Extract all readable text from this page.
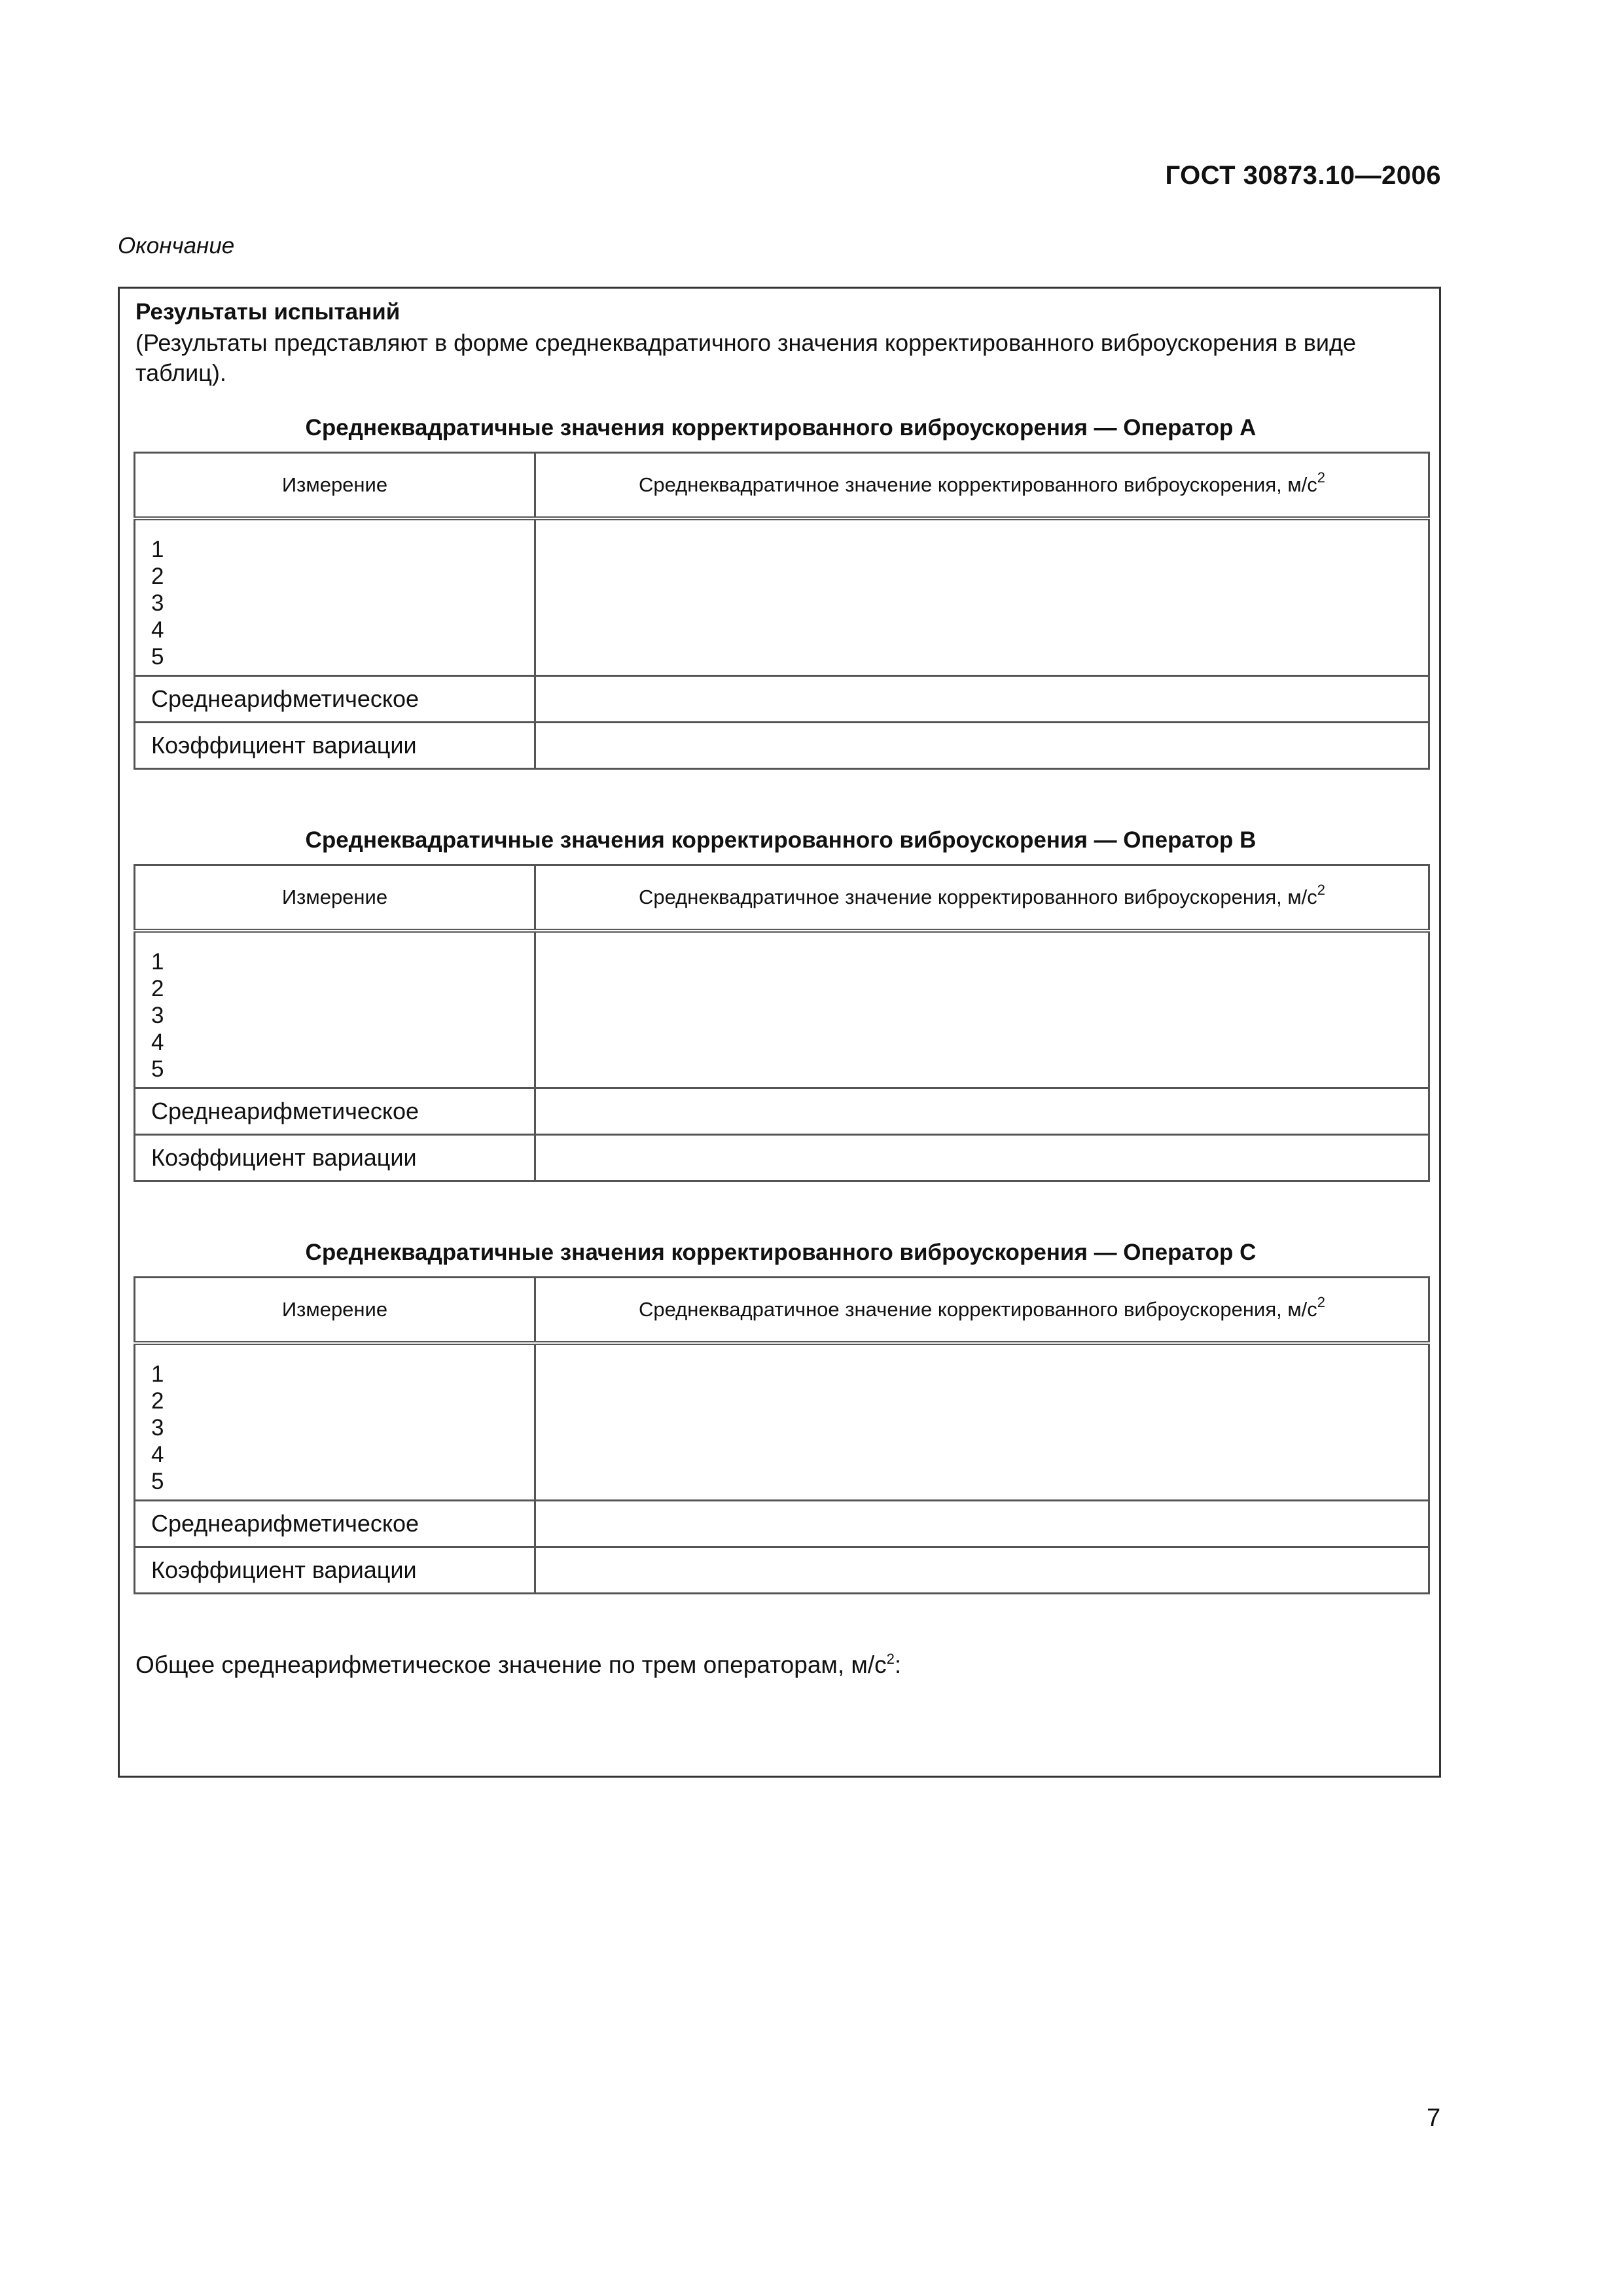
ГОСТ 30873.10—2006
Окончание
Результаты испытаний
(Результаты представляют в форме среднеквадратичного значения корректированного виброускорения в виде таблиц).
Среднеквадратичные значения корректированного виброускорения — Оператор А
Измерение	Среднеквадратичное значение корректированного виброускорения, $м/с^2$

1
2
3
4
5	

Среднеарифметическое	
Коэффициент вариации	
Среднеквадратичные значения корректированного виброускорения — Оператор В
Измерение	Среднеквадратичное значение корректированного виброускорения, $м/с^2$

1
2
3
4
5	

Среднеарифметическое	
Коэффициент вариации	
Среднеквадратичные значения корректированного виброускорения — Оператор С
Измерение	Среднеквадратичное значение корректированного виброускорения, $м/с^2$

1
2
3
4
5	

Среднеарифметическое	
Коэффициент вариации	
Общее среднеарифметическое значение по трем операторам, $м/с^2$:
7
